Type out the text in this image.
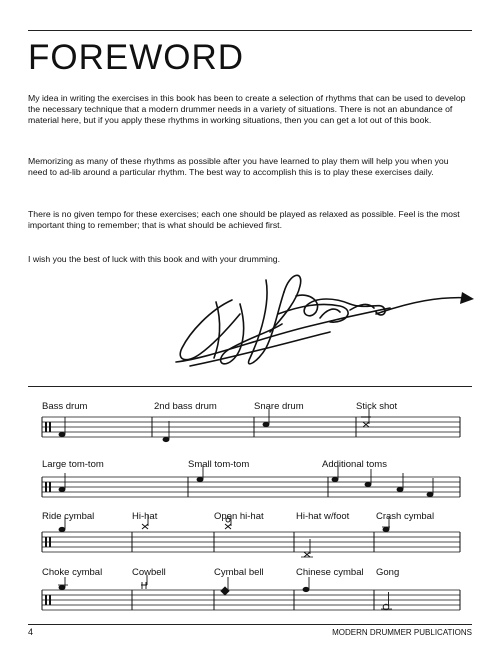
FOREWORD
My idea in writing the exercises in this book has been to create a selection of rhythms that can be used to develop the necessary technique that a modern drummer needs in a variety of situations. There is not an abundance of material here, but if you apply these rhythms in working situations, then you can get a lot out of this book.
Memorizing as many of these rhythms as possible after you have learned to play them will help you when you need to ad-lib around a particular rhythm. The best way to accomplish this is to play these exercises daily.
There is no given tempo for these exercises; each one should be played as relaxed as possible. Feel is the most important thing to remember; that is what should be achieved first.
I wish you the best of luck with this book and with your drumming.
Bass drum	2nd bass drum	Snare drum	Stick shot
Large tom-tom	Small tom-tom	Additional toms
Ride cymbal	Hi-hat	Open hi-hat	Hi-hat w/foot	Crash cymbal
Choke cymbal	Cowbell	Cymbal bell	Chinese cymbal Gong
4	MODERN DRUMMER PUBLICATIONS
